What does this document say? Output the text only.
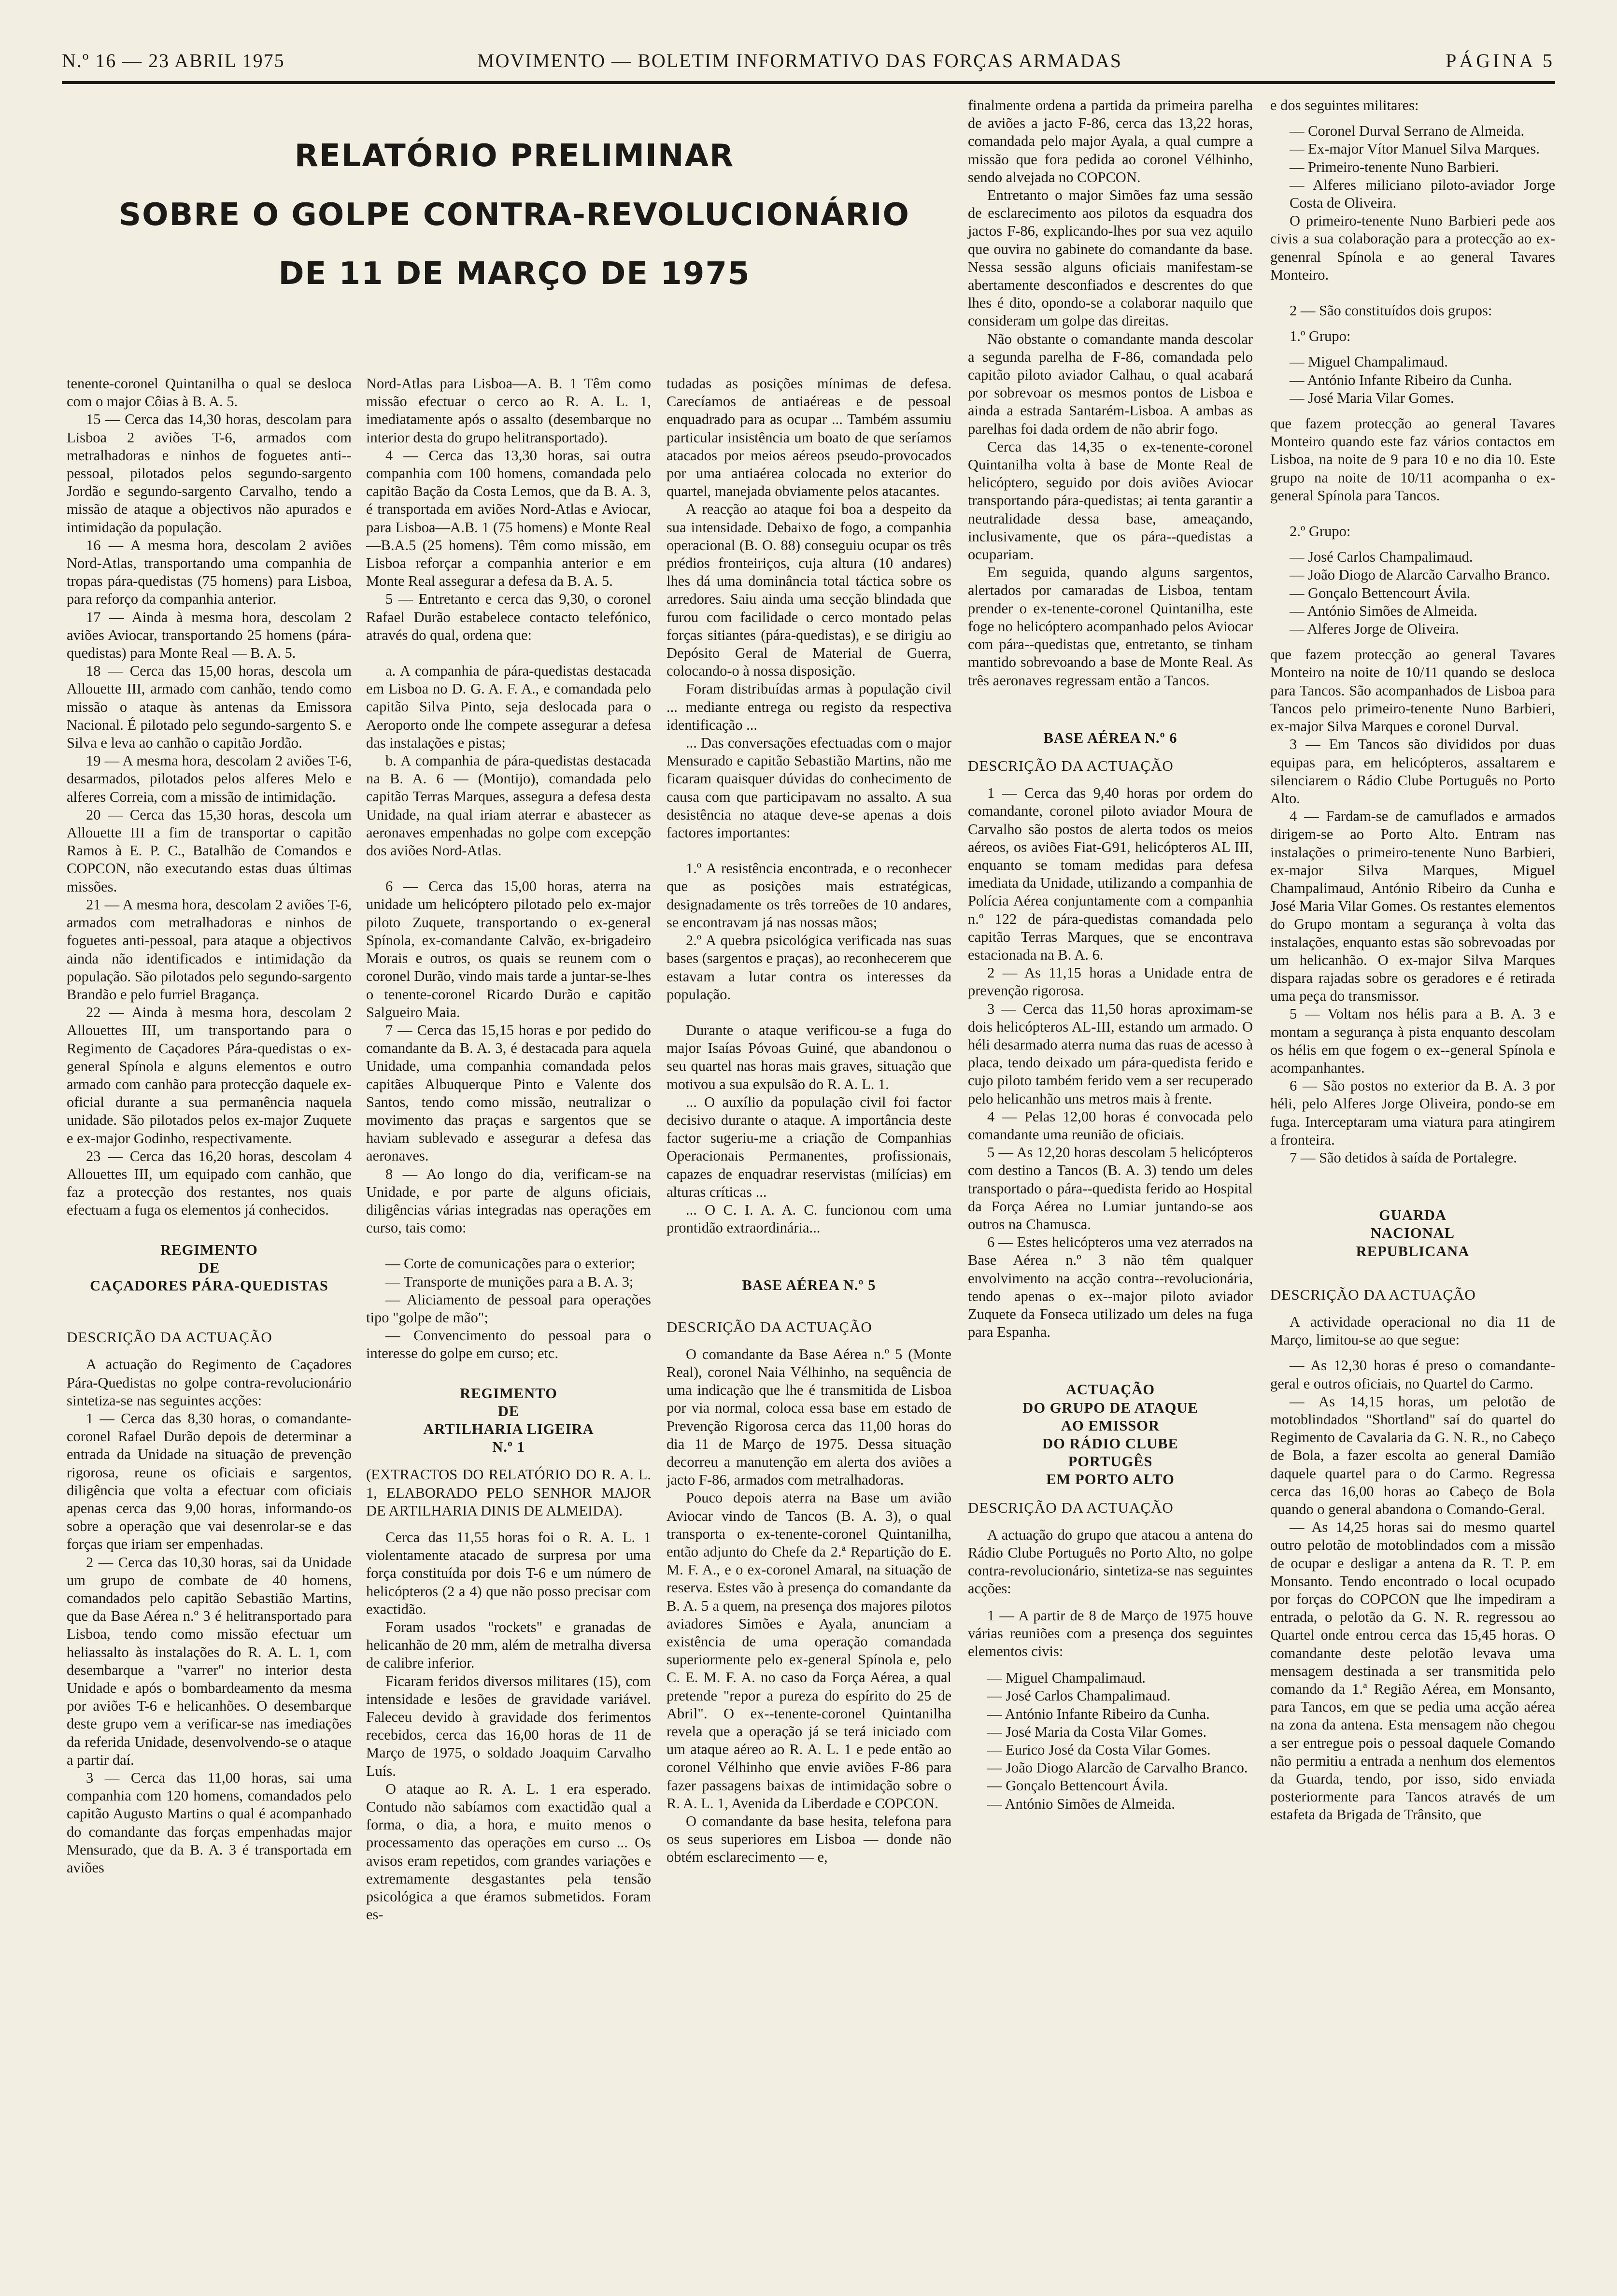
N.º 16 — 23 ABRIL 1975	MOVIMENTO — BOLETIM INFORMATIVO DAS FORÇAS ARMADAS	PÁGINA 5
RELATÓRIO PRELIMINAR
SOBRE O GOLPE CONTRA-REVOLUCIONÁRIO
DE 11 DE MARÇO DE 1975

tenente-coronel Quintanilha o qual se desloca com o major Côias à B. A. 5.

15 — Cerca das 14,30 horas, descolam para Lisboa 2 aviões T-6, armados com metralhadoras e ninhos de foguetes anti--pessoal, pilotados pelos segundo-sargento Jordão e segundo-sargento Carvalho, tendo a missão de ataque a objectivos não apurados e intimidação da população.

16 — A mesma hora, descolam 2 aviões Nord-Atlas, transportando uma companhia de tropas pára-quedistas (75 homens) para Lisboa, para reforço da companhia anterior.

17 — Ainda à mesma hora, descolam 2 aviões Aviocar, transportando 25 homens (pára-quedistas) para Monte Real — B. A. 5.

18 — Cerca das 15,00 horas, descola um Allouette III, armado com canhão, tendo como missão o ataque às antenas da Emissora Nacional. É pilotado pelo segundo-sargento S. e Silva e leva ao canhão o capitão Jordão.

19 — A mesma hora, descolam 2 aviões T-6, desarmados, pilotados pelos alferes Melo e alferes Correia, com a missão de intimidação.

20 — Cerca das 15,30 horas, descola um Allouette III a fim de transportar o capitão Ramos à E. P. C., Batalhão de Comandos e COPCON, não executando estas duas últimas missões.

21 — A mesma hora, descolam 2 aviões T-6, armados com metralhadoras e ninhos de foguetes anti-pessoal, para ataque a objectivos ainda não identificados e intimidação da população. São pilotados pelo segundo-sargento Brandão e pelo furriel Bragança.

22 — Ainda à mesma hora, descolam 2 Allouettes III, um transportando para o Regimento de Caçadores Pára-quedistas o ex-general Spínola e alguns elementos e outro armado com canhão para protecção daquele ex-oficial durante a sua permanência naquela unidade. São pilotados pelos ex-major Zuquete e ex-major Godinho, respectivamente.

23 — Cerca das 16,20 horas, descolam 4 Allouettes III, um equipado com canhão, que faz a protecção dos restantes, nos quais efectuam a fuga os elementos já conhecidos.

REGIMENTO
DE
CAÇADORES PÁRA-QUEDISTAS
DESCRIÇÃO DA ACTUAÇÃO

A actuação do Regimento de Caçadores Pára-Quedistas no golpe contra-revolucionário sintetiza-se nas seguintes acções:

1 — Cerca das 8,30 horas, o comandante-coronel Rafael Durão depois de determinar a entrada da Unidade na situação de prevenção rigorosa, reune os oficiais e sargentos, diligência que volta a efectuar com oficiais apenas cerca das 9,00 horas, informando-os sobre a operação que vai desenrolar-se e das forças que iriam ser empenhadas.

2 — Cerca das 10,30 horas, sai da Unidade um grupo de combate de 40 homens, comandados pelo capitão Sebastião Martins, que da Base Aérea n.º 3 é helitransportado para Lisboa, tendo como missão efectuar um heliassalto às instalações do R. A. L. 1, com desembarque a "varrer" no interior desta Unidade e após o bombardeamento da mesma por aviões T-6 e helicanhões. O desembarque deste grupo vem a verificar-se nas imediações da referida Unidade, desenvolvendo-se o ataque a partir daí.

3 — Cerca das 11,00 horas, sai uma companhia com 120 homens, comandados pelo capitão Augusto Martins o qual é acompanhado do comandante das forças empenhadas major Mensurado, que da B. A. 3 é transportada em aviões

Nord-Atlas para Lisboa—A. B. 1 Têm como missão efectuar o cerco ao R. A. L. 1, imediatamente após o assalto (desembarque no interior desta do grupo helitransportado).

4 — Cerca das 13,30 horas, sai outra companhia com 100 homens, comandada pelo capitão Bação da Costa Lemos, que da B. A. 3, é transportada em aviões Nord-Atlas e Aviocar, para Lisboa—A.B. 1 (75 homens) e Monte Real—B.A.5 (25 homens). Têm como missão, em Lisboa reforçar a companhia anterior e em Monte Real assegurar a defesa da B. A. 5.

5 — Entretanto e cerca das 9,30, o coronel Rafael Durão estabelece contacto telefónico, através do qual, ordena que:

a. A companhia de pára-quedistas destacada em Lisboa no D. G. A. F. A., e comandada pelo capitão Silva Pinto, seja deslocada para o Aeroporto onde lhe compete assegurar a defesa das instalações e pistas;

b. A companhia de pára-quedistas destacada na B. A. 6 — (Montijo), comandada pelo capitão Terras Marques, assegura a defesa desta Unidade, na qual iriam aterrar e abastecer as aeronaves empenhadas no golpe com excepção dos aviões Nord-Atlas.

6 — Cerca das 15,00 horas, aterra na unidade um helicóptero pilotado pelo ex-major piloto Zuquete, transportando o ex-general Spínola, ex-comandante Calvão, ex-brigadeiro Morais e outros, os quais se reunem com o coronel Durão, vindo mais tarde a juntar-se-lhes o tenente-coronel Ricardo Durão e capitão Salgueiro Maia.

7 — Cerca das 15,15 horas e por pedido do comandante da B. A. 3, é destacada para aquela Unidade, uma companhia comandada pelos capitães Albuquerque Pinto e Valente dos Santos, tendo como missão, neutralizar o movimento das praças e sargentos que se haviam sublevado e assegurar a defesa das aeronaves.

8 — Ao longo do dia, verificam-se na Unidade, e por parte de alguns oficiais, diligências várias integradas nas operações em curso, tais como:

— Corte de comunicações para o exterior;

— Transporte de munições para a B. A. 3;

— Aliciamento de pessoal para operações tipo "golpe de mão";

— Convencimento do pessoal para o interesse do golpe em curso; etc.

REGIMENTO
DE
ARTILHARIA LIGEIRA
N.º 1

(EXTRACTOS DO RELATÓRIO DO R. A. L. 1, ELABORADO PELO SENHOR MAJOR DE ARTILHARIA DINIS DE ALMEIDA).

Cerca das 11,55 horas foi o R. A. L. 1 violentamente atacado de surpresa por uma força constituída por dois T-6 e um número de helicópteros (2 a 4) que não posso precisar com exactidão.

Foram usados "rockets" e granadas de helicanhão de 20 mm, além de metralha diversa de calibre inferior.

Ficaram feridos diversos militares (15), com intensidade e lesões de gravidade variável. Faleceu devido à gravidade dos ferimentos recebidos, cerca das 16,00 horas de 11 de Março de 1975, o soldado Joaquim Carvalho Luís.

O ataque ao R. A. L. 1 era esperado. Contudo não sabíamos com exactidão qual a forma, o dia, a hora, e muito menos o processamento das operações em curso ... Os avisos eram repetidos, com grandes variações e extremamente desgastantes pela tensão psicológica a que éramos submetidos. Foram es-

tudadas as posições mínimas de defesa. Carecíamos de antiaéreas e de pessoal enquadrado para as ocupar ... Também assumiu particular insistência um boato de que seríamos atacados por meios aéreos pseudo-provocados por uma antiaérea colocada no exterior do quartel, manejada obviamente pelos atacantes.

A reacção ao ataque foi boa a despeito da sua intensidade. Debaixo de fogo, a companhia operacional (B. O. 88) conseguiu ocupar os três prédios fronteiriços, cuja altura (10 andares) lhes dá uma dominância total táctica sobre os arredores. Saiu ainda uma secção blindada que furou com facilidade o cerco montado pelas forças sitiantes (pára-quedistas), e se dirigiu ao Depósito Geral de Material de Guerra, colocando-o à nossa disposição.

Foram distribuídas armas à população civil ... mediante entrega ou registo da respectiva identificação ...

... Das conversações efectuadas com o major Mensurado e capitão Sebastião Martins, não me ficaram quaisquer dúvidas do conhecimento de causa com que participavam no assalto. A sua desistência no ataque deve-se apenas a dois factores importantes:

1.º A resistência encontrada, e o reconhecer que as posições mais estratégicas, designadamente os três torreões de 10 andares, se encontravam já nas nossas mãos;

2.º A quebra psicológica verificada nas suas bases (sargentos e praças), ao reconhecerem que estavam a lutar contra os interesses da população.

Durante o ataque verificou-se a fuga do major Isaías Póvoas Guiné, que abandonou o seu quartel nas horas mais graves, situação que motivou a sua expulsão do R. A. L. 1.

... O auxílio da população civil foi factor decisivo durante o ataque. A importância deste factor sugeriu-me a criação de Companhias Operacionais Permanentes, profissionais, capazes de enquadrar reservistas (milícias) em alturas críticas ...

... O C. I. A. A. C. funcionou com uma prontidão extraordinária...

BASE AÉREA N.º 5
DESCRIÇÃO DA ACTUAÇÃO

O comandante da Base Aérea n.º 5 (Monte Real), coronel Naia Vélhinho, na sequência de uma indicação que lhe é transmitida de Lisboa por via normal, coloca essa base em estado de Prevenção Rigorosa cerca das 11,00 horas do dia 11 de Março de 1975. Dessa situação decorreu a manutenção em alerta dos aviões a jacto F-86, armados com metralhadoras.

Pouco depois aterra na Base um avião Aviocar vindo de Tancos (B. A. 3), o qual transporta o ex-tenente-coronel Quintanilha, então adjunto do Chefe da 2.ª Repartição do E. M. F. A., e o ex-coronel Amaral, na situação de reserva. Estes vão à presença do comandante da B. A. 5 a quem, na presença dos majores pilotos aviadores Simões e Ayala, anunciam a existência de uma operação comandada superiormente pelo ex-general Spínola e, pelo C. E. M. F. A. no caso da Força Aérea, a qual pretende "repor a pureza do espírito do 25 de Abril". O ex--tenente-coronel Quintanilha revela que a operação já se terá iniciado com um ataque aéreo ao R. A. L. 1 e pede então ao coronel Vélhinho que envie aviões F-86 para fazer passagens baixas de intimidação sobre o R. A. L. 1, Avenida da Liberdade e COPCON.

O comandante da base hesita, telefona para os seus superiores em Lisboa — donde não obtém esclarecimento — e,

finalmente ordena a partida da primeira parelha de aviões a jacto F-86, cerca das 13,22 horas, comandada pelo major Ayala, a qual cumpre a missão que fora pedida ao coronel Vélhinho, sendo alvejada no COPCON.

Entretanto o major Simões faz uma sessão de esclarecimento aos pilotos da esquadra dos jactos F-86, explicando-lhes por sua vez aquilo que ouvira no gabinete do comandante da base. Nessa sessão alguns oficiais manifestam-se abertamente desconfiados e descrentes do que lhes é dito, opondo-se a colaborar naquilo que consideram um golpe das direitas.

Não obstante o comandante manda descolar a segunda parelha de F-86, comandada pelo capitão piloto aviador Calhau, o qual acabará por sobrevoar os mesmos pontos de Lisboa e ainda a estrada Santarém-Lisboa. A ambas as parelhas foi dada ordem de não abrir fogo.

Cerca das 14,35 o ex-tenente-coronel Quintanilha volta à base de Monte Real de helicóptero, seguido por dois aviões Aviocar transportando pára-quedistas; ai tenta garantir a neutralidade dessa base, ameaçando, inclusivamente, que os pára--quedistas a ocupariam.

Em seguida, quando alguns sargentos, alertados por camaradas de Lisboa, tentam prender o ex-tenente-coronel Quintanilha, este foge no helicóptero acompanhado pelos Aviocar com pára--quedistas que, entretanto, se tinham mantido sobrevoando a base de Monte Real. As três aeronaves regressam então a Tancos.

BASE AÉREA N.º 6
DESCRIÇÃO DA ACTUAÇÃO

1 — Cerca das 9,40 horas por ordem do comandante, coronel piloto aviador Moura de Carvalho são postos de alerta todos os meios aéreos, os aviões Fiat-G91, helicópteros AL III, enquanto se tomam medidas para defesa imediata da Unidade, utilizando a companhia de Polícia Aérea conjuntamente com a companhia n.º 122 de pára-quedistas comandada pelo capitão Terras Marques, que se encontrava estacionada na B. A. 6.

2 — As 11,15 horas a Unidade entra de prevenção rigorosa.

3 — Cerca das 11,50 horas aproximam-se dois helicópteros AL-III, estando um armado. O héli desarmado aterra numa das ruas de acesso à placa, tendo deixado um pára-quedista ferido e cujo piloto também ferido vem a ser recuperado pelo helicanhão uns metros mais à frente.

4 — Pelas 12,00 horas é convocada pelo comandante uma reunião de oficiais.

5 — As 12,20 horas descolam 5 helicópteros com destino a Tancos (B. A. 3) tendo um deles transportado o pára--quedista ferido ao Hospital da Força Aérea no Lumiar juntando-se aos outros na Chamusca.

6 — Estes helicópteros uma vez aterrados na Base Aérea n.º 3 não têm qualquer envolvimento na acção contra--revolucionária, tendo apenas o ex--major piloto aviador Zuquete da Fonseca utilizado um deles na fuga para Espanha.

ACTUAÇÃO
DO GRUPO DE ATAQUE
AO EMISSOR
DO RÁDIO CLUBE
PORTUGÊS
EM PORTO ALTO
DESCRIÇÃO DA ACTUAÇÃO

A actuação do grupo que atacou a antena do Rádio Clube Português no Porto Alto, no golpe contra-revolucionário, sintetiza-se nas seguintes acções:

1 — A partir de 8 de Março de 1975 houve várias reuniões com a presença dos seguintes elementos civis:

— Miguel Champalimaud.

— José Carlos Champalimaud.

— António Infante Ribeiro da Cunha.

— José Maria da Costa Vilar Gomes.

— Eurico José da Costa Vilar Gomes.

— João Diogo Alarcão de Carvalho Branco.

— Gonçalo Bettencourt Ávila.

— António Simões de Almeida.

e dos seguintes militares:

— Coronel Durval Serrano de Almeida.

— Ex-major Vítor Manuel Silva Marques.

— Primeiro-tenente Nuno Barbieri.

— Alferes miliciano piloto-aviador Jorge Costa de Oliveira.

O primeiro-tenente Nuno Barbieri pede aos civis a sua colaboração para a protecção ao ex-genenral Spínola e ao general Tavares Monteiro.

2 — São constituídos dois grupos:

1.º Grupo:

— Miguel Champalimaud.

— António Infante Ribeiro da Cunha.

— José Maria Vilar Gomes.

que fazem protecção ao general Tavares Monteiro quando este faz vários contactos em Lisboa, na noite de 9 para 10 e no dia 10. Este grupo na noite de 10/11 acompanha o ex-general Spínola para Tancos.

2.º Grupo:

— José Carlos Champalimaud.

— João Diogo de Alarcão Carvalho Branco.

— Gonçalo Bettencourt Ávila.

— António Simões de Almeida.

— Alferes Jorge de Oliveira.

que fazem protecção ao general Tavares Monteiro na noite de 10/11 quando se desloca para Tancos. São acompanhados de Lisboa para Tancos pelo primeiro-tenente Nuno Barbieri, ex-major Silva Marques e coronel Durval.

3 — Em Tancos são divididos por duas equipas para, em helicópteros, assaltarem e silenciarem o Rádio Clube Português no Porto Alto.

4 — Fardam-se de camuflados e armados dirigem-se ao Porto Alto. Entram nas instalações o primeiro-tenente Nuno Barbieri, ex-major Silva Marques, Miguel Champalimaud, António Ribeiro da Cunha e José Maria Vilar Gomes. Os restantes elementos do Grupo montam a segurança à volta das instalações, enquanto estas são sobrevoadas por um helicanhão. O ex-major Silva Marques dispara rajadas sobre os geradores e é retirada uma peça do transmissor.

5 — Voltam nos hélis para a B. A. 3 e montam a segurança à pista enquanto descolam os hélis em que fogem o ex--general Spínola e acompanhantes.

6 — São postos no exterior da B. A. 3 por héli, pelo Alferes Jorge Oliveira, pondo-se em fuga. Interceptaram uma viatura para atingirem a fronteira.

7 — São detidos à saída de Portalegre.

GUARDA
NACIONAL
REPUBLICANA
DESCRIÇÃO DA ACTUAÇÃO

A actividade operacional no dia 11 de Março, limitou-se ao que segue:

— As 12,30 horas é preso o comandante-geral e outros oficiais, no Quartel do Carmo.

— As 14,15 horas, um pelotão de motoblindados "Shortland" saí do quartel do Regimento de Cavalaria da G. N. R., no Cabeço de Bola, a fazer escolta ao general Damião daquele quartel para o do Carmo. Regressa cerca das 16,00 horas ao Cabeço de Bola quando o general abandona o Comando-Geral.

— As 14,25 horas sai do mesmo quartel outro pelotão de motoblindados com a missão de ocupar e desligar a antena da R. T. P. em Monsanto. Tendo encontrado o local ocupado por forças do COPCON que lhe impediram a entrada, o pelotão da G. N. R. regressou ao Quartel onde entrou cerca das 15,45 horas. O comandante deste pelotão levava uma mensagem destinada a ser transmitida pelo comando da 1.ª Região Aérea, em Monsanto, para Tancos, em que se pedia uma acção aérea na zona da antena. Esta mensagem não chegou a ser entregue pois o pessoal daquele Comando não permitiu a entrada a nenhum dos elementos da Guarda, tendo, por isso, sido enviada posteriormente para Tancos através de um estafeta da Brigada de Trânsito, que
